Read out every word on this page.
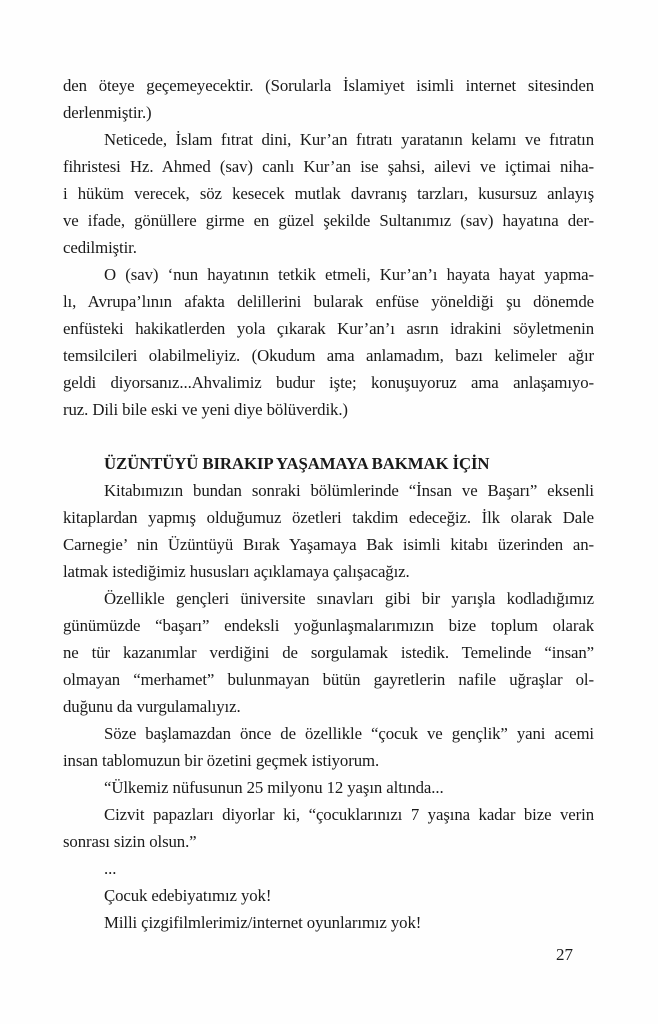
den öteye geçemeyecektir. (Sorularla İslamiyet isimli internet sitesinden
derlenmiştir.)
Neticede, İslam fıtrat dini, Kur’an fıtratı yaratanın kelamı ve fıtratın
fihristesi Hz. Ahmed (sav) canlı Kur’an ise şahsi, ailevi ve içtimai niha-
i hüküm verecek, söz kesecek mutlak davranış tarzları, kusursuz anlayış
ve ifade, gönüllere girme en güzel şekilde Sultanımız (sav) hayatına der-
cedilmiştir.
O (sav) ‘nun hayatının tetkik etmeli, Kur’an’ı hayata hayat yapma-
lı, Avrupa’lının afakta delillerini bularak enfüse yöneldiği şu dönemde
enfüsteki hakikatlerden yola çıkarak Kur’an’ı asrın idrakini söyletmenin
temsilcileri olabilmeliyiz. (Okudum ama anlamadım, bazı kelimeler ağır
geldi diyorsanız...Ahvalimiz budur işte; konuşuyoruz ama anlaşamıyo-
ruz. Dili bile eski ve yeni diye bölüverdik.)
ÜZÜNTÜYÜ BIRAKIP YAŞAMAYA BAKMAK İÇİN
Kitabımızın bundan sonraki bölümlerinde “İnsan ve Başarı” eksenli
kitaplardan yapmış olduğumuz özetleri takdim edeceğiz. İlk olarak Dale
Carnegie’ nin Üzüntüyü Bırak Yaşamaya Bak isimli kitabı üzerinden an-
latmak istediğimiz hususları açıklamaya çalışacağız.
Özellikle gençleri üniversite sınavları gibi bir yarışla kodladığımız
günümüzde “başarı” endeksli yoğunlaşmalarımızın bize toplum olarak
ne tür kazanımlar verdiğini de sorgulamak istedik. Temelinde “insan”
olmayan “merhamet” bulunmayan bütün gayretlerin nafile uğraşlar ol-
duğunu da vurgulamalıyız.
Söze başlamazdan önce de özellikle “çocuk ve gençlik” yani acemi
insan tablomuzun bir özetini geçmek istiyorum.
“Ülkemiz nüfusunun 25 milyonu 12 yaşın altında...
Cizvit papazları diyorlar ki, “çocuklarınızı 7 yaşına kadar bize verin
sonrası sizin olsun.”
...
Çocuk edebiyatımız yok!
Milli çizgifilmlerimiz/internet oyunlarımız yok!
27
